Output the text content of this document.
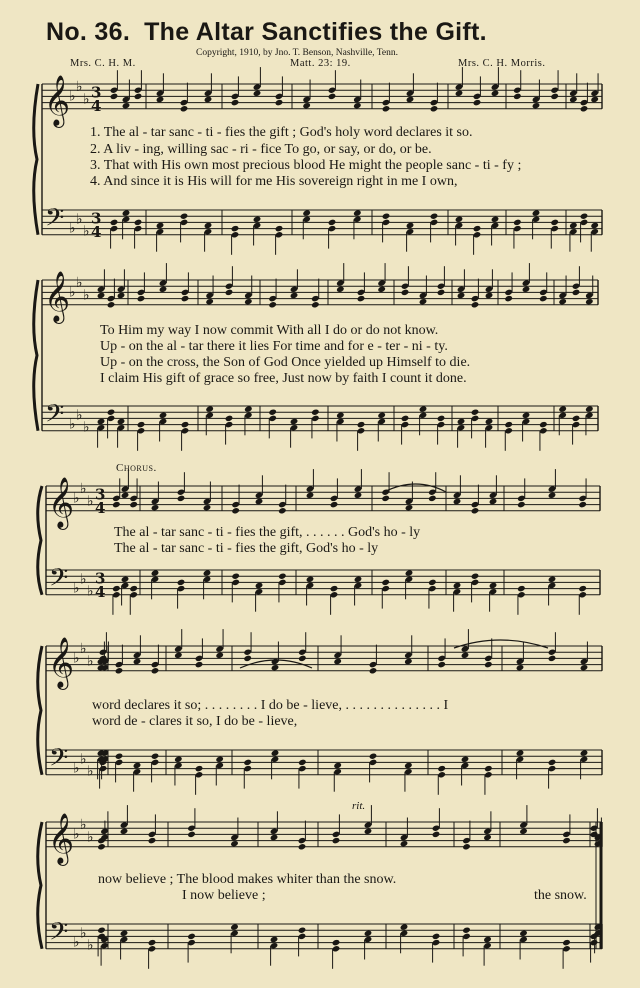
No. 36. The Altar Sanctifies the Gift.
Copyright, 1910, by Jno. T. Benson, Nashville, Tenn.
Mrs. C. H. M.	Matt. 23: 19.	Mrs. C. H. Morris.
𝄞
𝄢
♭
♭
♭
♭
♭
♭
3
4
3
4
𝄞
𝄢
♭
♭
♭
♭
♭
♭
𝄞
𝄢
♭
♭
♭
♭
♭
♭
3
4
3
4
𝄞
𝄢
♭
♭
♭
♭
♭
♭
𝄞
𝄢
♭
♭
♭
♭
♭
♭
1. The al - tar sanc - ti - fies the gift ; God's holy word declares it so.
2. A liv - ing, willing sac - ri - fice To go, or say, or do, or be.
3. That with His own most precious blood He might the people sanc - ti - fy ;
4. And since it is His will for me His sovereign right in me I own,
To Him my way I now commit With all I do or do not know.
Up - on the al - tar there it lies For time and for e - ter - ni - ty.
Up - on the cross, the Son of God Once yielded up Himself to die.
I claim His gift of grace so free, Just now by faith I count it done.
Chorus.
The al - tar sanc - ti - fies the gift, . . . . . . God's ho - ly
The al - tar sanc - ti - fies the gift, God's ho - ly
word declares it so; . . . . . . . . I do be - lieve, . . . . . . . . . . . . . . I
word de - clares it so, I do be - lieve,
rit.
now believe ; The blood makes whiter than the snow.
I now believe ;	the snow.
